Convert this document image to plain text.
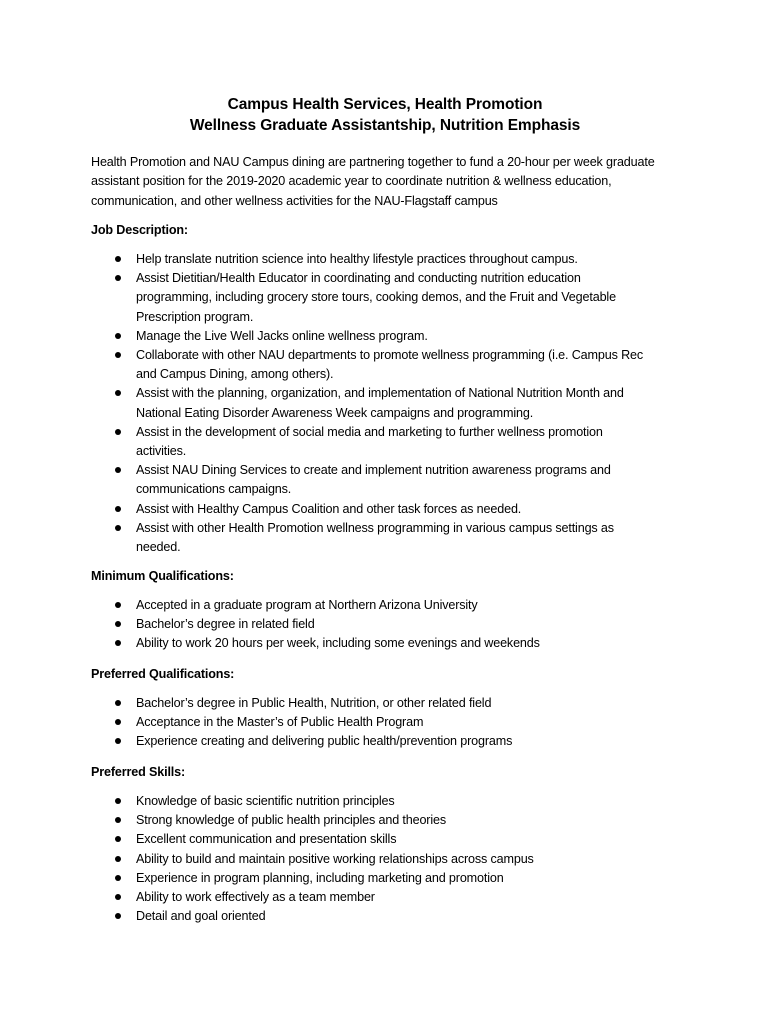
Campus Health Services, Health Promotion
Wellness Graduate Assistantship, Nutrition Emphasis
Health Promotion and NAU Campus dining are partnering together to fund a 20-hour per week graduate assistant position for the 2019-2020 academic year to coordinate nutrition & wellness education, communication, and other wellness activities for the NAU-Flagstaff campus
Job Description:
Help translate nutrition science into healthy lifestyle practices throughout campus.
Assist Dietitian/Health Educator in coordinating and conducting nutrition education programming, including grocery store tours, cooking demos, and the Fruit and Vegetable Prescription program.
Manage the Live Well Jacks online wellness program.
Collaborate with other NAU departments to promote wellness programming (i.e. Campus Rec and Campus Dining, among others).
Assist with the planning, organization, and implementation of National Nutrition Month and National Eating Disorder Awareness Week campaigns and programming.
Assist in the development of social media and marketing to further wellness promotion activities.
Assist NAU Dining Services to create and implement nutrition awareness programs and communications campaigns.
Assist with Healthy Campus Coalition and other task forces as needed.
Assist with other Health Promotion wellness programming in various campus settings as needed.
Minimum Qualifications:
Accepted in a graduate program at Northern Arizona University
Bachelor’s degree in related field
Ability to work 20 hours per week, including some evenings and weekends
Preferred Qualifications:
Bachelor’s degree in Public Health, Nutrition, or other related field
Acceptance in the Master’s of Public Health Program
Experience creating and delivering public health/prevention programs
Preferred Skills:
Knowledge of basic scientific nutrition principles
Strong knowledge of public health principles and theories
Excellent communication and presentation skills
Ability to build and maintain positive working relationships across campus
Experience in program planning, including marketing and promotion
Ability to work effectively as a team member
Detail and goal oriented
